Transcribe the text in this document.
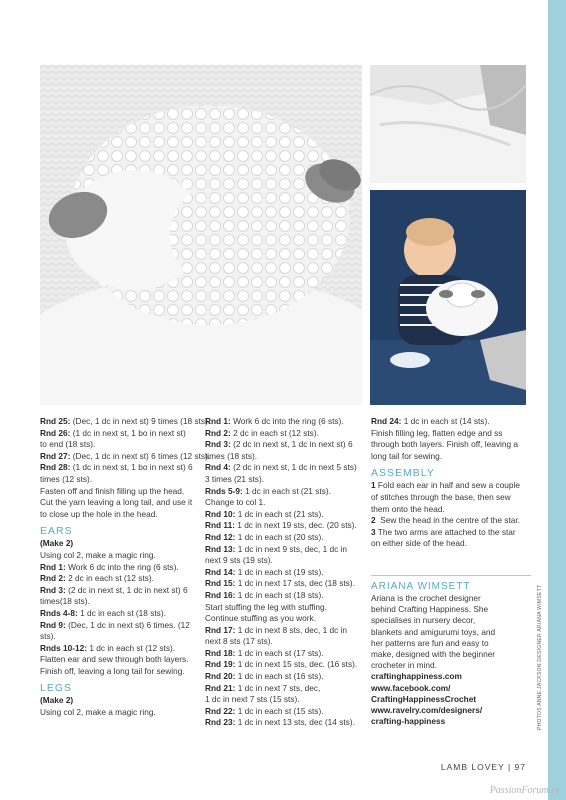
Rnd 25: (Dec, 1 dc in next st) 9 times (18 sts).
Rnd 26: (1 dc in next st, 1 bo in next st)
to end (18 sts).
Rnd 27: (Dec, 1 dc in next st) 6 times (12 sts).
Rnd 28: (1 dc in next st, 1 bo in next st) 6
times (12 sts).
Fasten off and finish filling up the head.
Cut the yarn leaving a long tail, and use it
to close up the hole in the head.
EARS
(Make 2)
Using col 2, make a magic ring.
Rnd 1: Work 6 dc into the ring (6 sts).
Rnd 2: 2 dc in each st (12 sts).
Rnd 3: (2 dc in next st, 1 dc in next st) 6
times(18 sts).
Rnds 4-8: 1 dc in each st (18 sts).
Rnd 9: (Dec, 1 dc in next st) 6 times. (12
sts).
Rnds 10-12: 1 dc in each st (12 sts).
Flatten ear and sew through both layers.
Finish off, leaving a long tail for sewing.
LEGS
(Make 2)
Using col 2, make a magic ring.
Rnd 1: Work 6 dc into the ring (6 sts).
Rnd 2: 2 dc in each st (12 sts).
Rnd 3: (2 dc in next st, 1 dc in next st) 6
times (18 sts).
Rnd 4: (2 dc in next st, 1 dc in next 5 sts)
3 times (21 sts).
Rnds 5-9: 1 dc in each st (21 sts).
Change to col 1.
Rnd 10: 1 dc in each st (21 sts).
Rnd 11: 1 dc in next 19 sts, dec. (20 sts).
Rnd 12: 1 dc in each st (20 sts).
Rnd 13: 1 dc in next 9 sts, dec, 1 dc in
next 9 sts (19 sts).
Rnd 14: 1 dc in each st (19 sts).
Rnd 15: 1 dc in next 17 sts, dec (18 sts).
Rnd 16: 1 dc in each st (18 sts).
Start stuffing the leg with stuffing.
Continue stuffing as you work.
Rnd 17: 1 dc in next 8 sts, dec, 1 dc in
next 8 sts (17 sts).
Rnd 18: 1 dc in each st (17 sts).
Rnd 19: 1 dc in next 15 sts, dec. (16 sts).
Rnd 20: 1 dc in each st (16 sts).
Rnd 21: 1 dc in next 7 sts, dec,
1 dc in next 7 sts (15 sts).
Rnd 22: 1 dc in each st (15 sts).
Rnd 23: 1 dc in next 13 sts, dec (14 sts).
Rnd 24: 1 dc in each st (14 sts).
Finish filling leg, flatten edge and ss
through both layers. Finish off, leaving a
long tail for sewing.
ASSEMBLY
1 Fold each ear in half and sew a couple
of stitches through the base, then sew
them onto the head.
2  Sew the head in the centre of the star.
3 The two arms are attached to the star
on either side of the head.
ARIANA WIMSETT
Ariana is the crochet designer
behind Crafting Happiness. She
specialises in nursery decor,
blankets and amigurumi toys, and
her patterns are fun and easy to
make, designed with the beginner
crocheter in mind.
craftinghappiness.com
www.facebook.com/
CraftingHappinessCrochet
www.ravelry.com/designers/
crafting-happiness	PHOTOS ANNE JACKSON DESIGNER ARIANA WIMSETT
LAMB LOVEY | 97
PassionForum.ru
